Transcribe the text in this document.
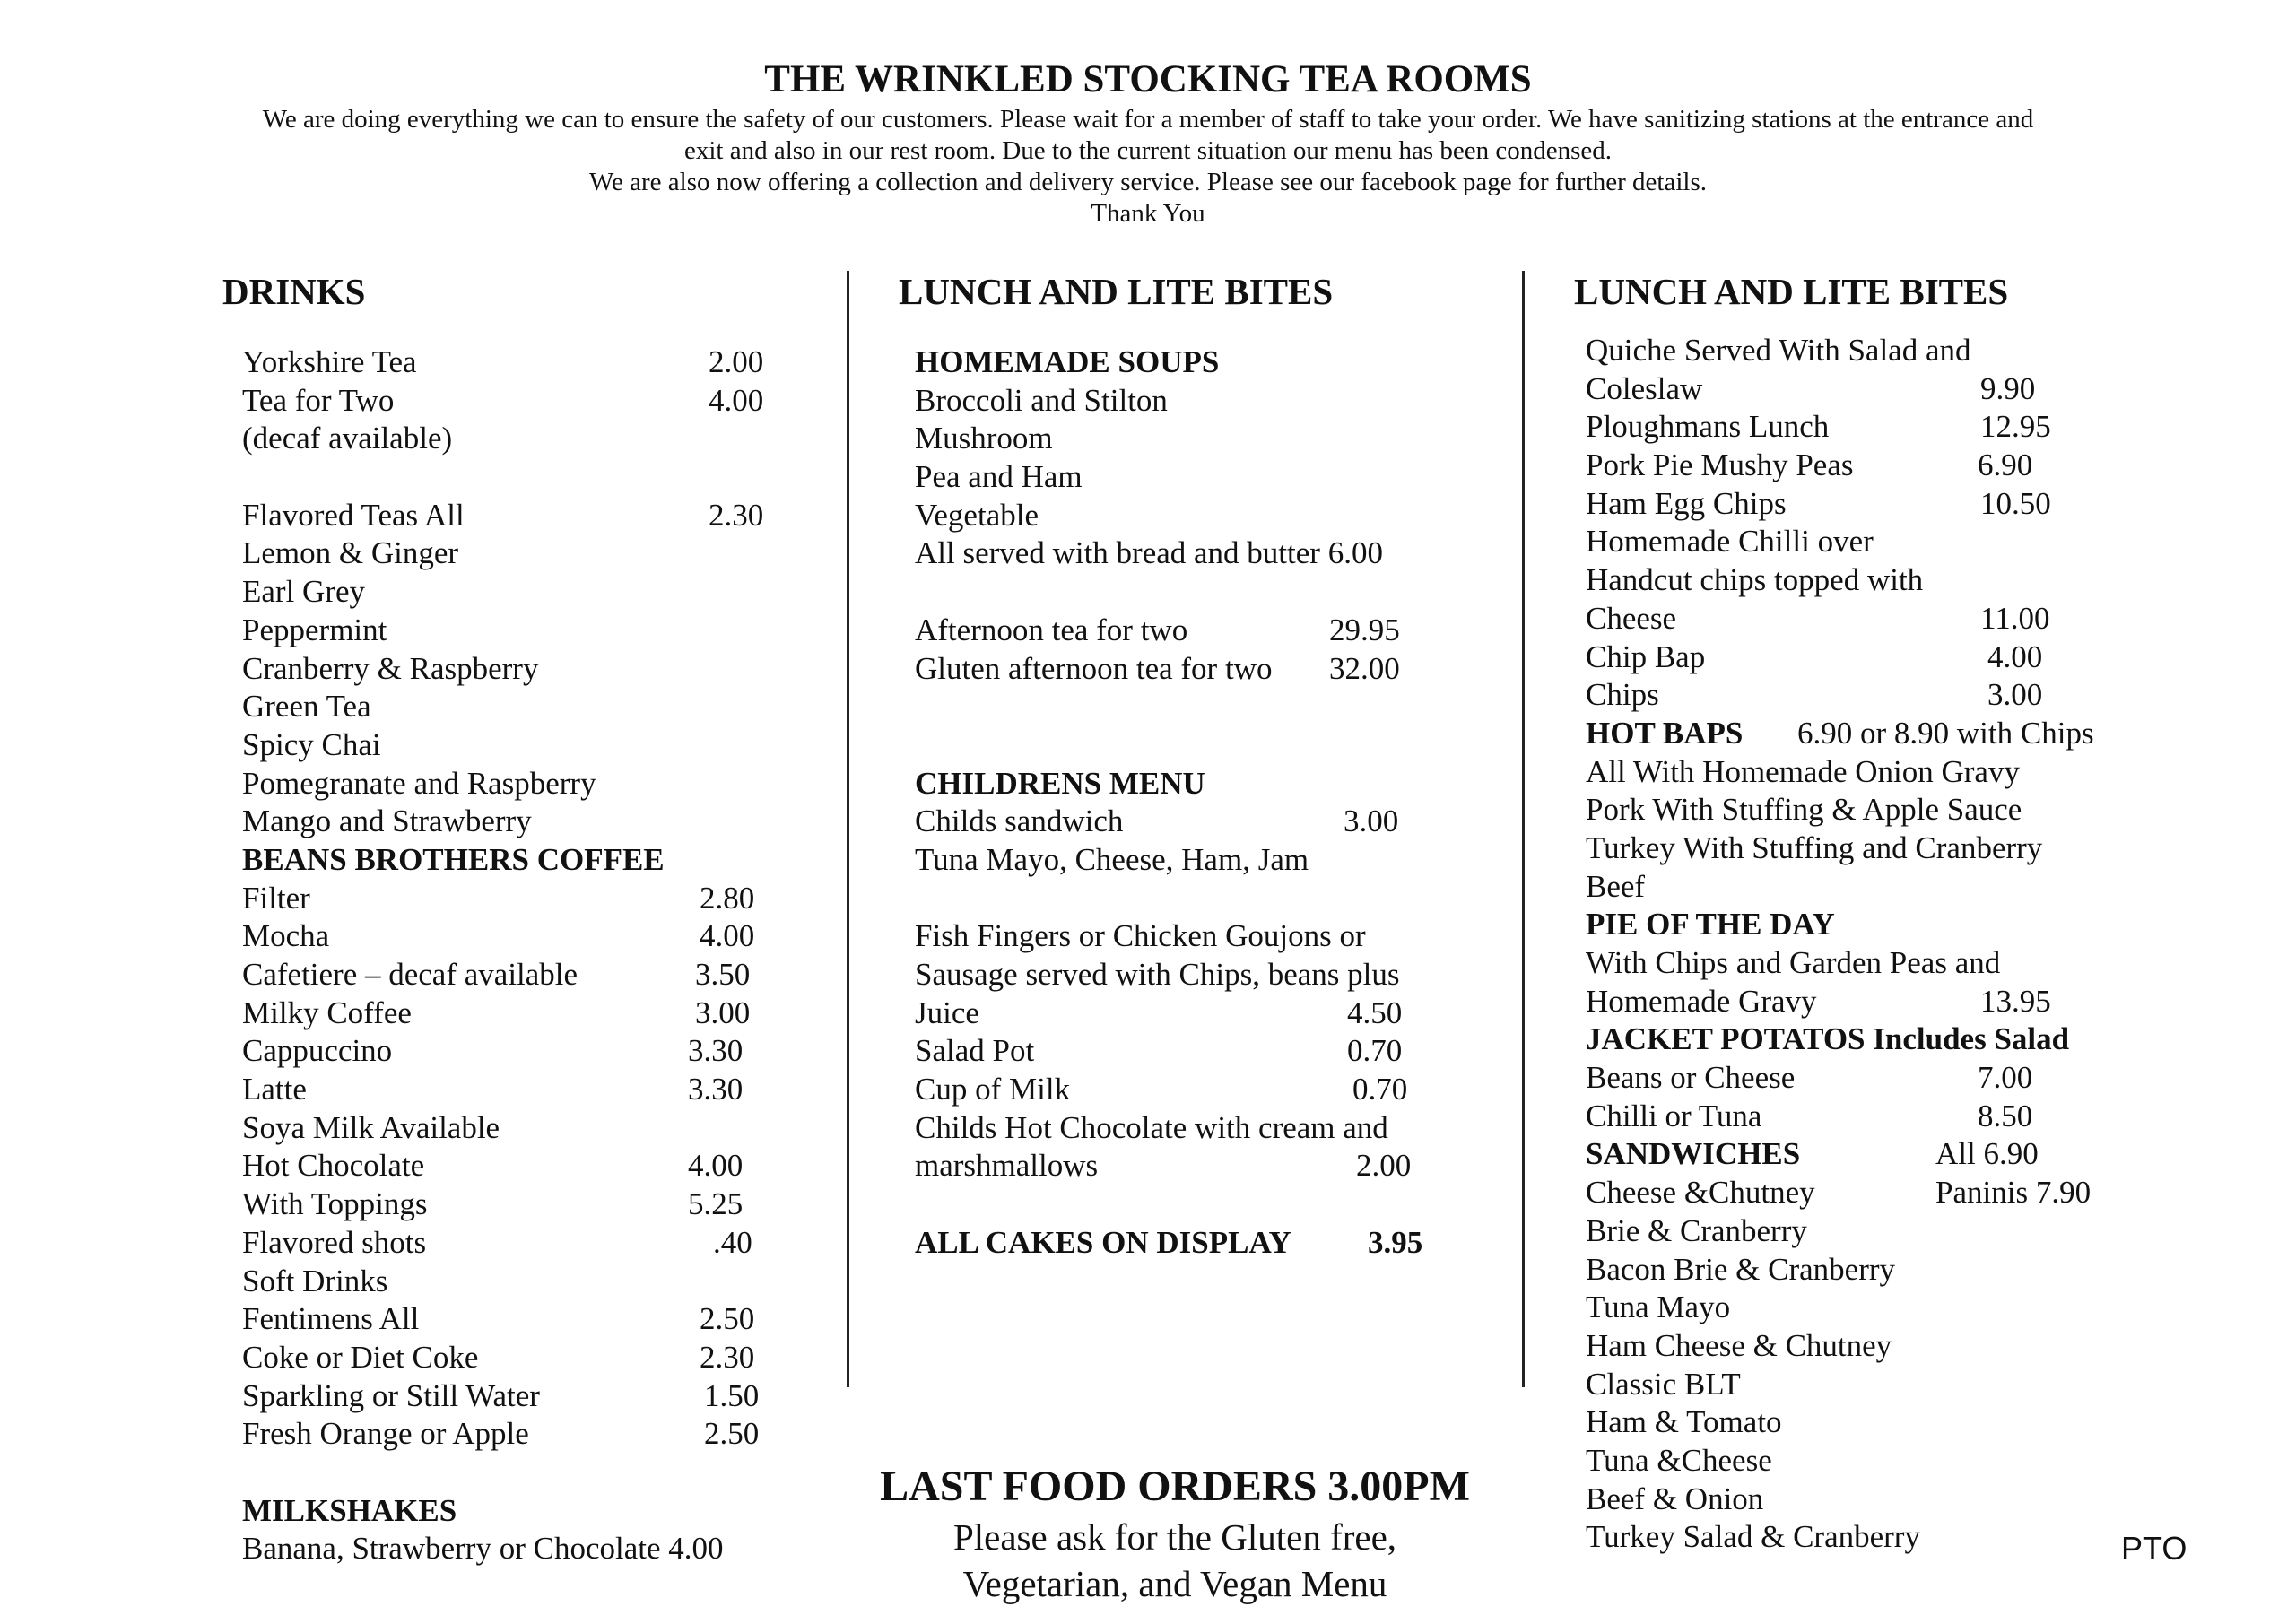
THE WRINKLED STOCKING TEA ROOMS
We are doing everything we can to ensure the safety of our customers. Please wait for a member of staff to take your order. We have sanitizing stations at the entrance and
exit and also in our rest room. Due to the current situation our menu has been condensed.
We are also now offering a collection and delivery service. Please see our facebook page for further details.
Thank You
DRINKS	LUNCH AND LITE BITES	LUNCH AND LITE BITES
Yorkshire Tea	2.00
Tea for Two	4.00
(decaf available)
Flavored Teas All	2.30
Lemon & Ginger
Earl Grey
Peppermint
Cranberry & Raspberry
Green Tea
Spicy Chai
Pomegranate and Raspberry
Mango and Strawberry
BEANS BROTHERS COFFEE
Filter	2.80
Mocha	4.00
Cafetiere – decaf available	3.50
Milky Coffee	3.00
Cappuccino	3.30
Latte	3.30
Soya Milk Available
Hot Chocolate	4.00
With Toppings	5.25
Flavored shots	.40
Soft Drinks
Fentimens All	2.50
Coke or Diet Coke	2.30
Sparkling or Still Water	1.50
Fresh Orange or Apple	2.50
MILKSHAKES
Banana, Strawberry or Chocolate 4.00
HOMEMADE SOUPS
Broccoli and Stilton
Mushroom
Pea and Ham
Vegetable
All served with bread and butter 6.00
Afternoon tea for two	29.95
Gluten afternoon tea for two 32.00
CHILDRENS MENU
Childs sandwich	3.00
Tuna Mayo, Cheese, Ham, Jam
Fish Fingers or Chicken Goujons or
Sausage served with Chips, beans plus
Juice	4.50
Salad Pot	0.70
Cup of Milk	0.70
Childs Hot Chocolate with cream and
marshmallows	2.00
ALL CAKES ON DISPLAY 3.95
Quiche Served With Salad and
Coleslaw	9.90
Ploughmans Lunch	12.95
Pork Pie Mushy Peas	6.90
Ham Egg Chips	10.50
Homemade Chilli over
Handcut chips topped with
Cheese	11.00
Chip Bap	4.00
Chips	3.00
HOT BAPS 6.90 or 8.90 with Chips
All With Homemade Onion Gravy
Pork With Stuffing & Apple Sauce
Turkey With Stuffing and Cranberry
Beef
PIE OF THE DAY
With Chips and Garden Peas and
Homemade Gravy	13.95
JACKET POTATOS Includes Salad
Beans or Cheese	7.00
Chilli or Tuna	8.50
SANDWICHES	All 6.90
Cheese &Chutney	Paninis 7.90
Brie & Cranberry
Bacon Brie & Cranberry
Tuna Mayo
Ham Cheese & Chutney
Classic BLT
Ham & Tomato
Tuna &Cheese
Beef & Onion
Turkey Salad & Cranberry
LAST FOOD ORDERS 3.00PM
Please ask for the Gluten free,
Vegetarian, and Vegan Menu
PTO
